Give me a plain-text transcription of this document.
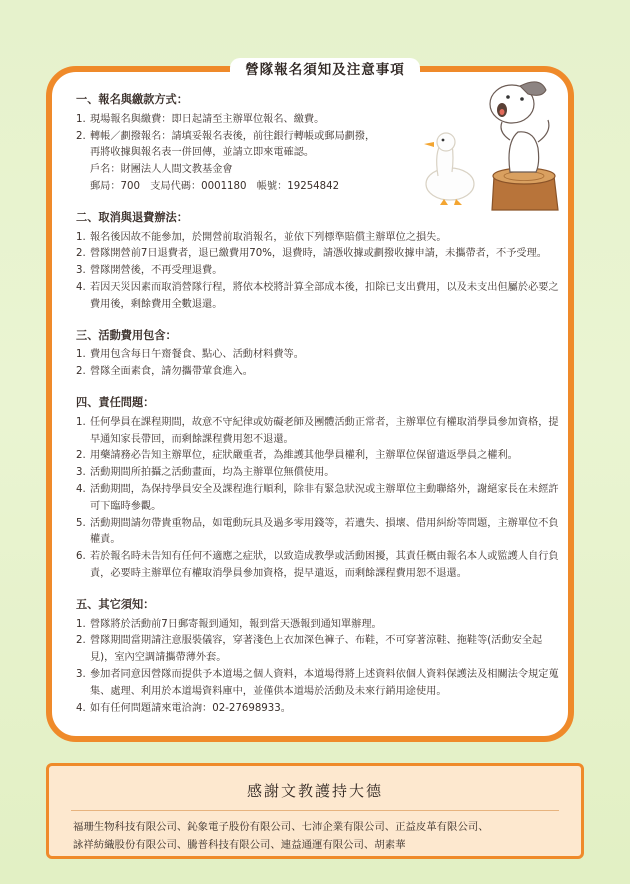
營隊報名須知及注意事項
一、報名與繳款方式：
1. 現場報名與繳費：即日起請至主辦單位報名、繳費。
2. 轉帳／劃撥報名：請填妥報名表後，前往銀行轉帳或郵局劃撥，
再將收據與報名表一併回傳，並請立即來電確認。
戶名：財團法人人間文教基金會
郵局：700　支局代碼：0001180　帳號：19254842
二、取消與退費辦法：
1. 報名後因故不能參加，於開營前取消報名，並依下列標準賠償主辦單位之損失。
2. 營隊開營前7日退費者，退已繳費用70%，退費時，請憑收據或劃撥收據申請，未攜帶者，不予受理。
3. 營隊開營後，不再受理退費。
4. 若因天災因素而取消營隊行程，將依本校將計算全部成本後，扣除已支出費用，以及未支出但屬於必要之費用後，剩餘費用全數退還。
三、活動費用包含：
1. 費用包含每日午齋餐食、點心、活動材料費等。
2. 營隊全面素食，請勿攜帶葷食進入。
四、責任問題：
1. 任何學員在課程期間，故意不守紀律或妨礙老師及團體活動正常者，主辦單位有權取消學員參加資格，提早通知家長帶回，而剩餘課程費用恕不退還。
2. 用藥請務必告知主辦單位，症狀嚴重者，為維護其他學員權利，主辦單位保留遣返學員之權利。
3. 活動期間所拍攝之活動畫面，均為主辦單位無償使用。
4. 活動期間，為保持學員安全及課程進行順利，除非有緊急狀況或主辦單位主動聯絡外，謝絕家長在未經許可下臨時參觀。
5. 活動期間請勿帶貴重物品，如電動玩具及過多零用錢等，若遺失、損壞、借用糾紛等問題，主辦單位不負權責。
6. 若於報名時未告知有任何不適應之症狀，以致造成教學或活動困擾，其責任概由報名本人或監護人自行負責，必要時主辦單位有權取消學員參加資格，提早遣返，而剩餘課程費用恕不退還。
五、其它須知：
1. 營隊將於活動前7日郵寄報到通知，報到當天憑報到通知單辦理。
2. 營隊期間當期請注意服裝儀容，穿著淺色上衣加深色褲子、布鞋，不可穿著涼鞋、拖鞋等(活動安全起見)，室內空調請攜帶薄外套。
3. 參加者同意因營隊而提供予本道場之個人資料，本道場得將上述資料依個人資料保護法及相關法令規定蒐集、處理、利用於本道場資料庫中，並僅供本道場於活動及未來行銷用途使用。
4. 如有任何問題請來電洽詢：02-27698933。
感謝文教護持大德
福珊生物科技有限公司、鈊象電子股份有限公司、七沛企業有限公司、正益皮革有限公司、
詠祥紡織股份有限公司、騰普科技有限公司、連益通運有限公司、胡素華
